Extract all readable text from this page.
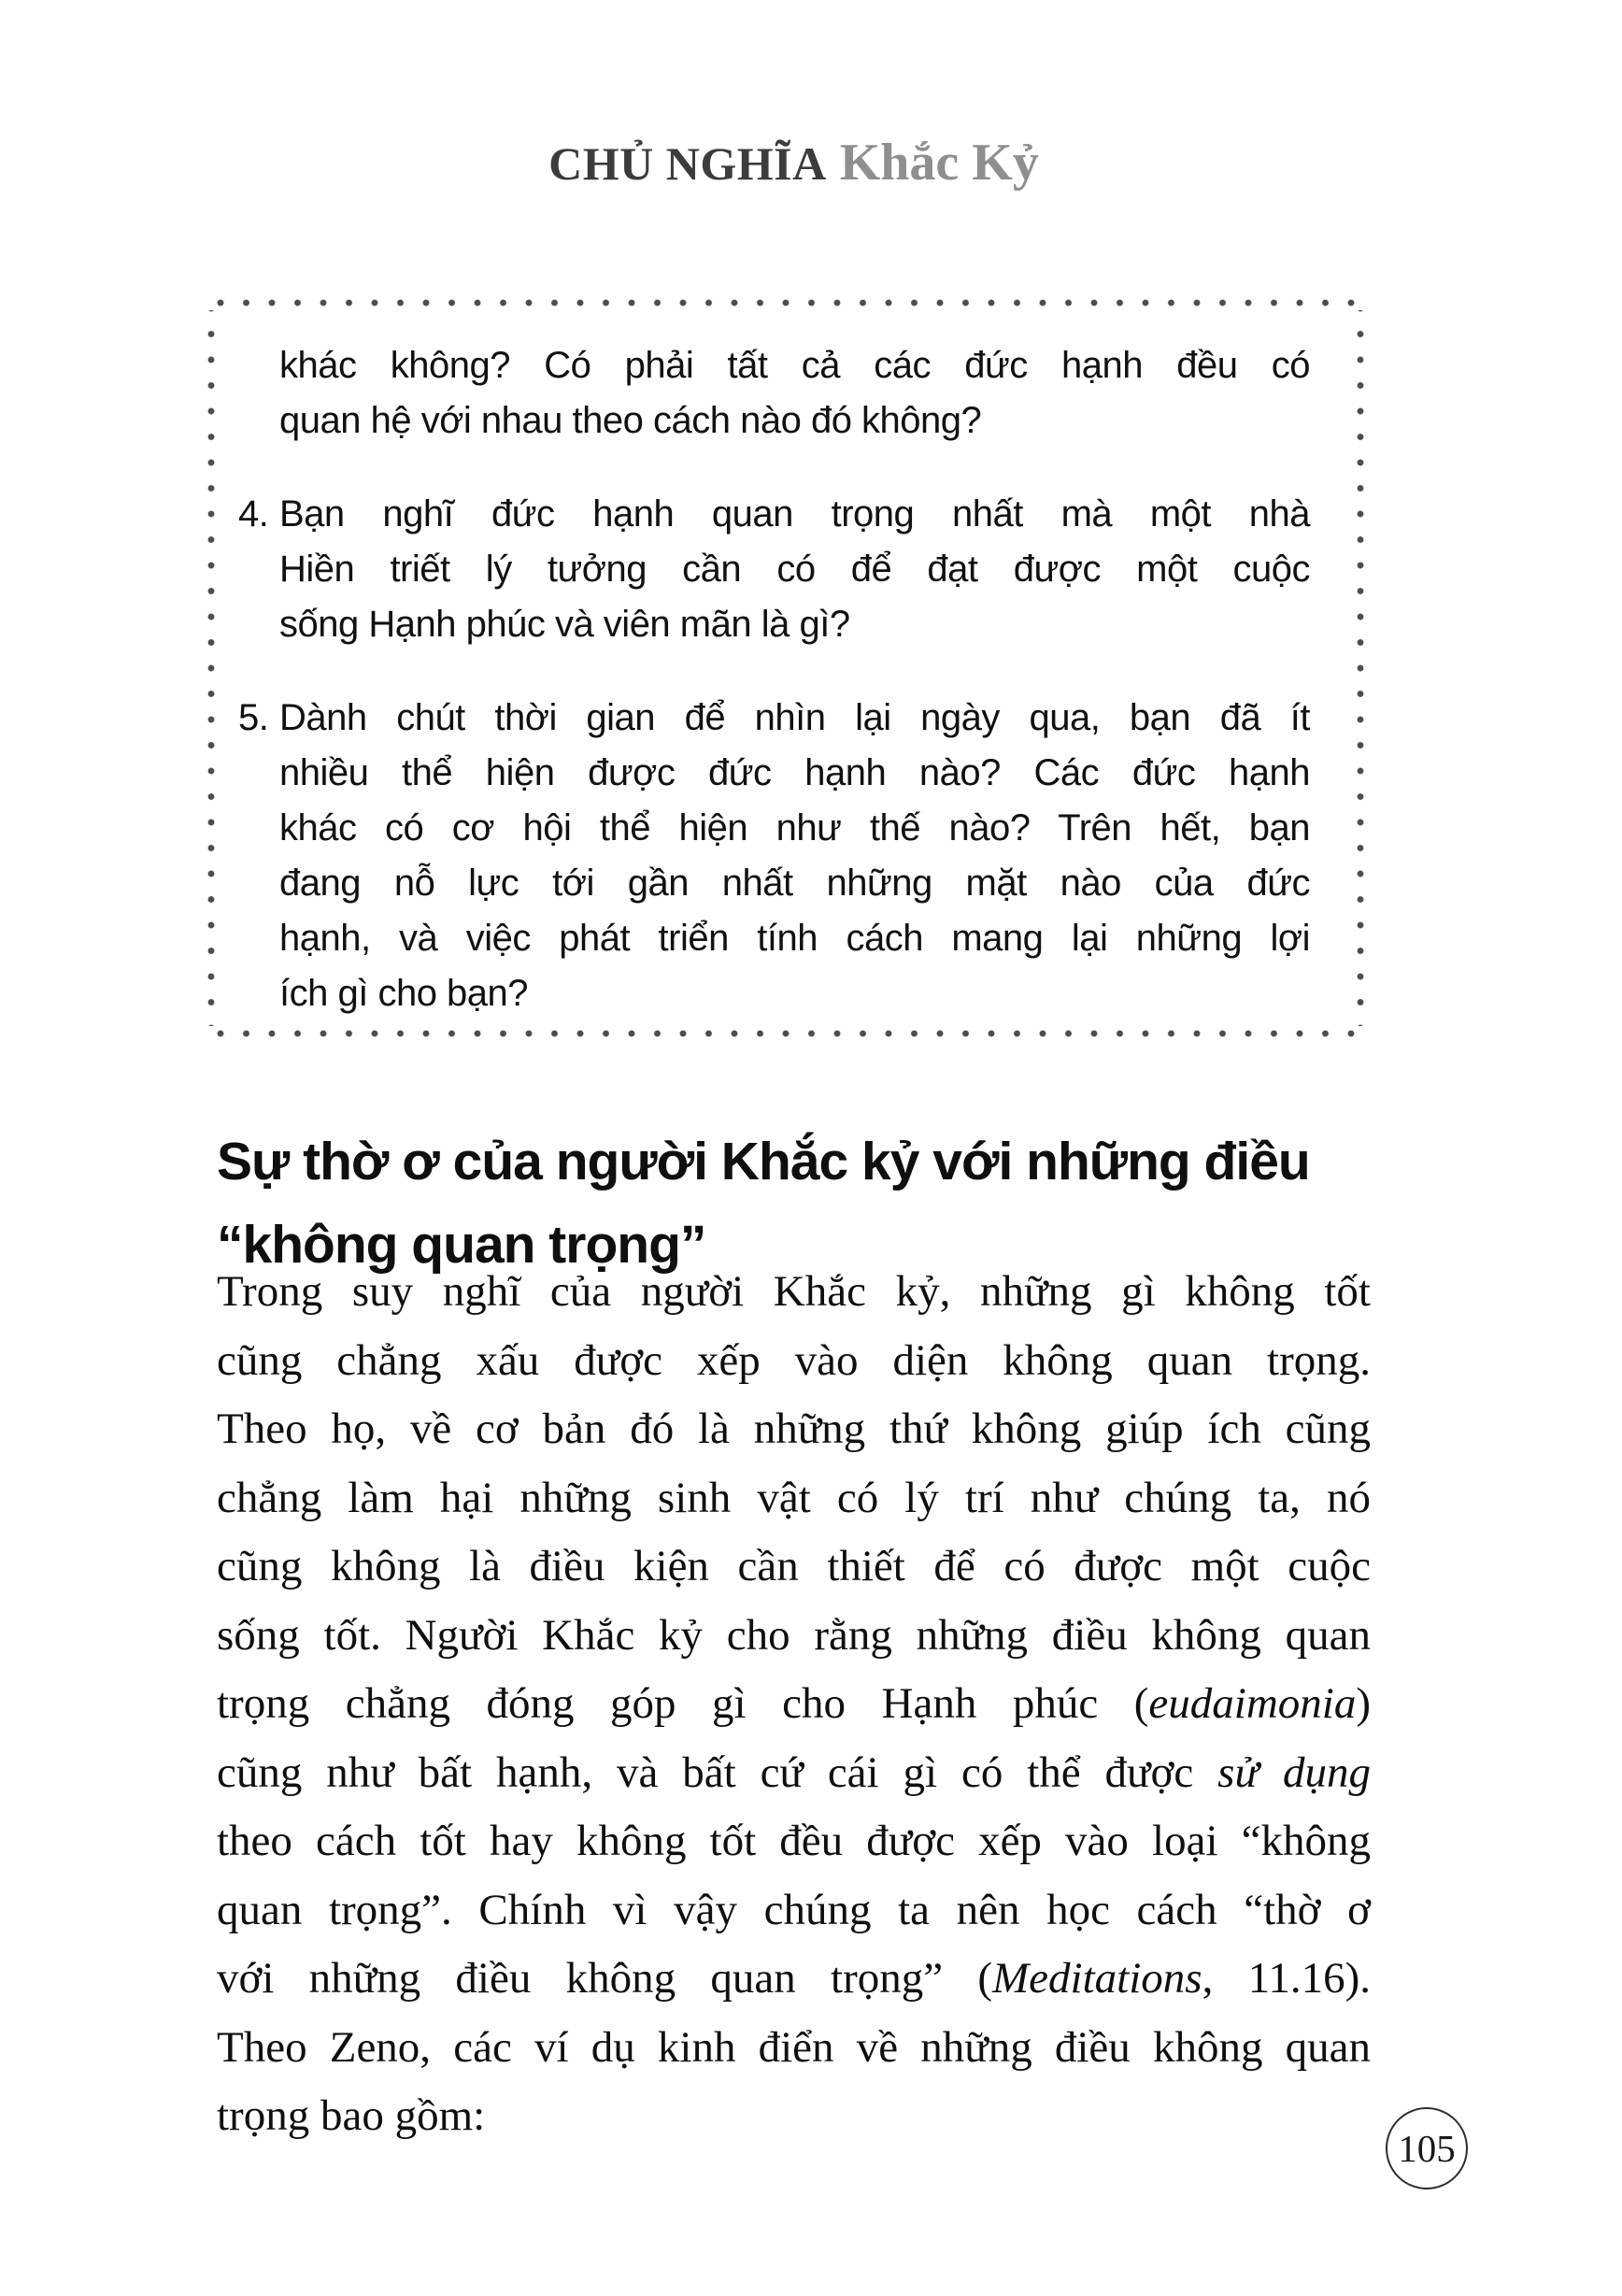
CHỦ NGHĨA Khắc Kỷ
khác không? Có phải tất cả các đức hạnh đều có
quan hệ với nhau theo cách nào đó không?
4. Bạn nghĩ đức hạnh quan trọng nhất mà một nhà
Hiền triết lý tưởng cần có để đạt được một cuộc
sống Hạnh phúc và viên mãn là gì?
5. Dành chút thời gian để nhìn lại ngày qua, bạn đã ít
nhiều thể hiện được đức hạnh nào? Các đức hạnh
khác có cơ hội thể hiện như thế nào? Trên hết, bạn
đang nỗ lực tới gần nhất những mặt nào của đức
hạnh, và việc phát triển tính cách mang lại những lợi
ích gì cho bạn?
Sự thờ ơ của người Khắc kỷ với những điều
“không quan trọng”
Trong suy nghĩ của người Khắc kỷ, những gì không tốt
cũng chẳng xấu được xếp vào diện không quan trọng.
Theo họ, về cơ bản đó là những thứ không giúp ích cũng
chẳng làm hại những sinh vật có lý trí như chúng ta, nó
cũng không là điều kiện cần thiết để có được một cuộc
sống tốt. Người Khắc kỷ cho rằng những điều không quan
trọng chẳng đóng góp gì cho Hạnh phúc (eudaimonia)
cũng như bất hạnh, và bất cứ cái gì có thể được sử dụng
theo cách tốt hay không tốt đều được xếp vào loại “không
quan trọng”. Chính vì vậy chúng ta nên học cách “thờ ơ
với những điều không quan trọng” (Meditations, 11.16).
Theo Zeno, các ví dụ kinh điển về những điều không quan
trọng bao gồm:
105
